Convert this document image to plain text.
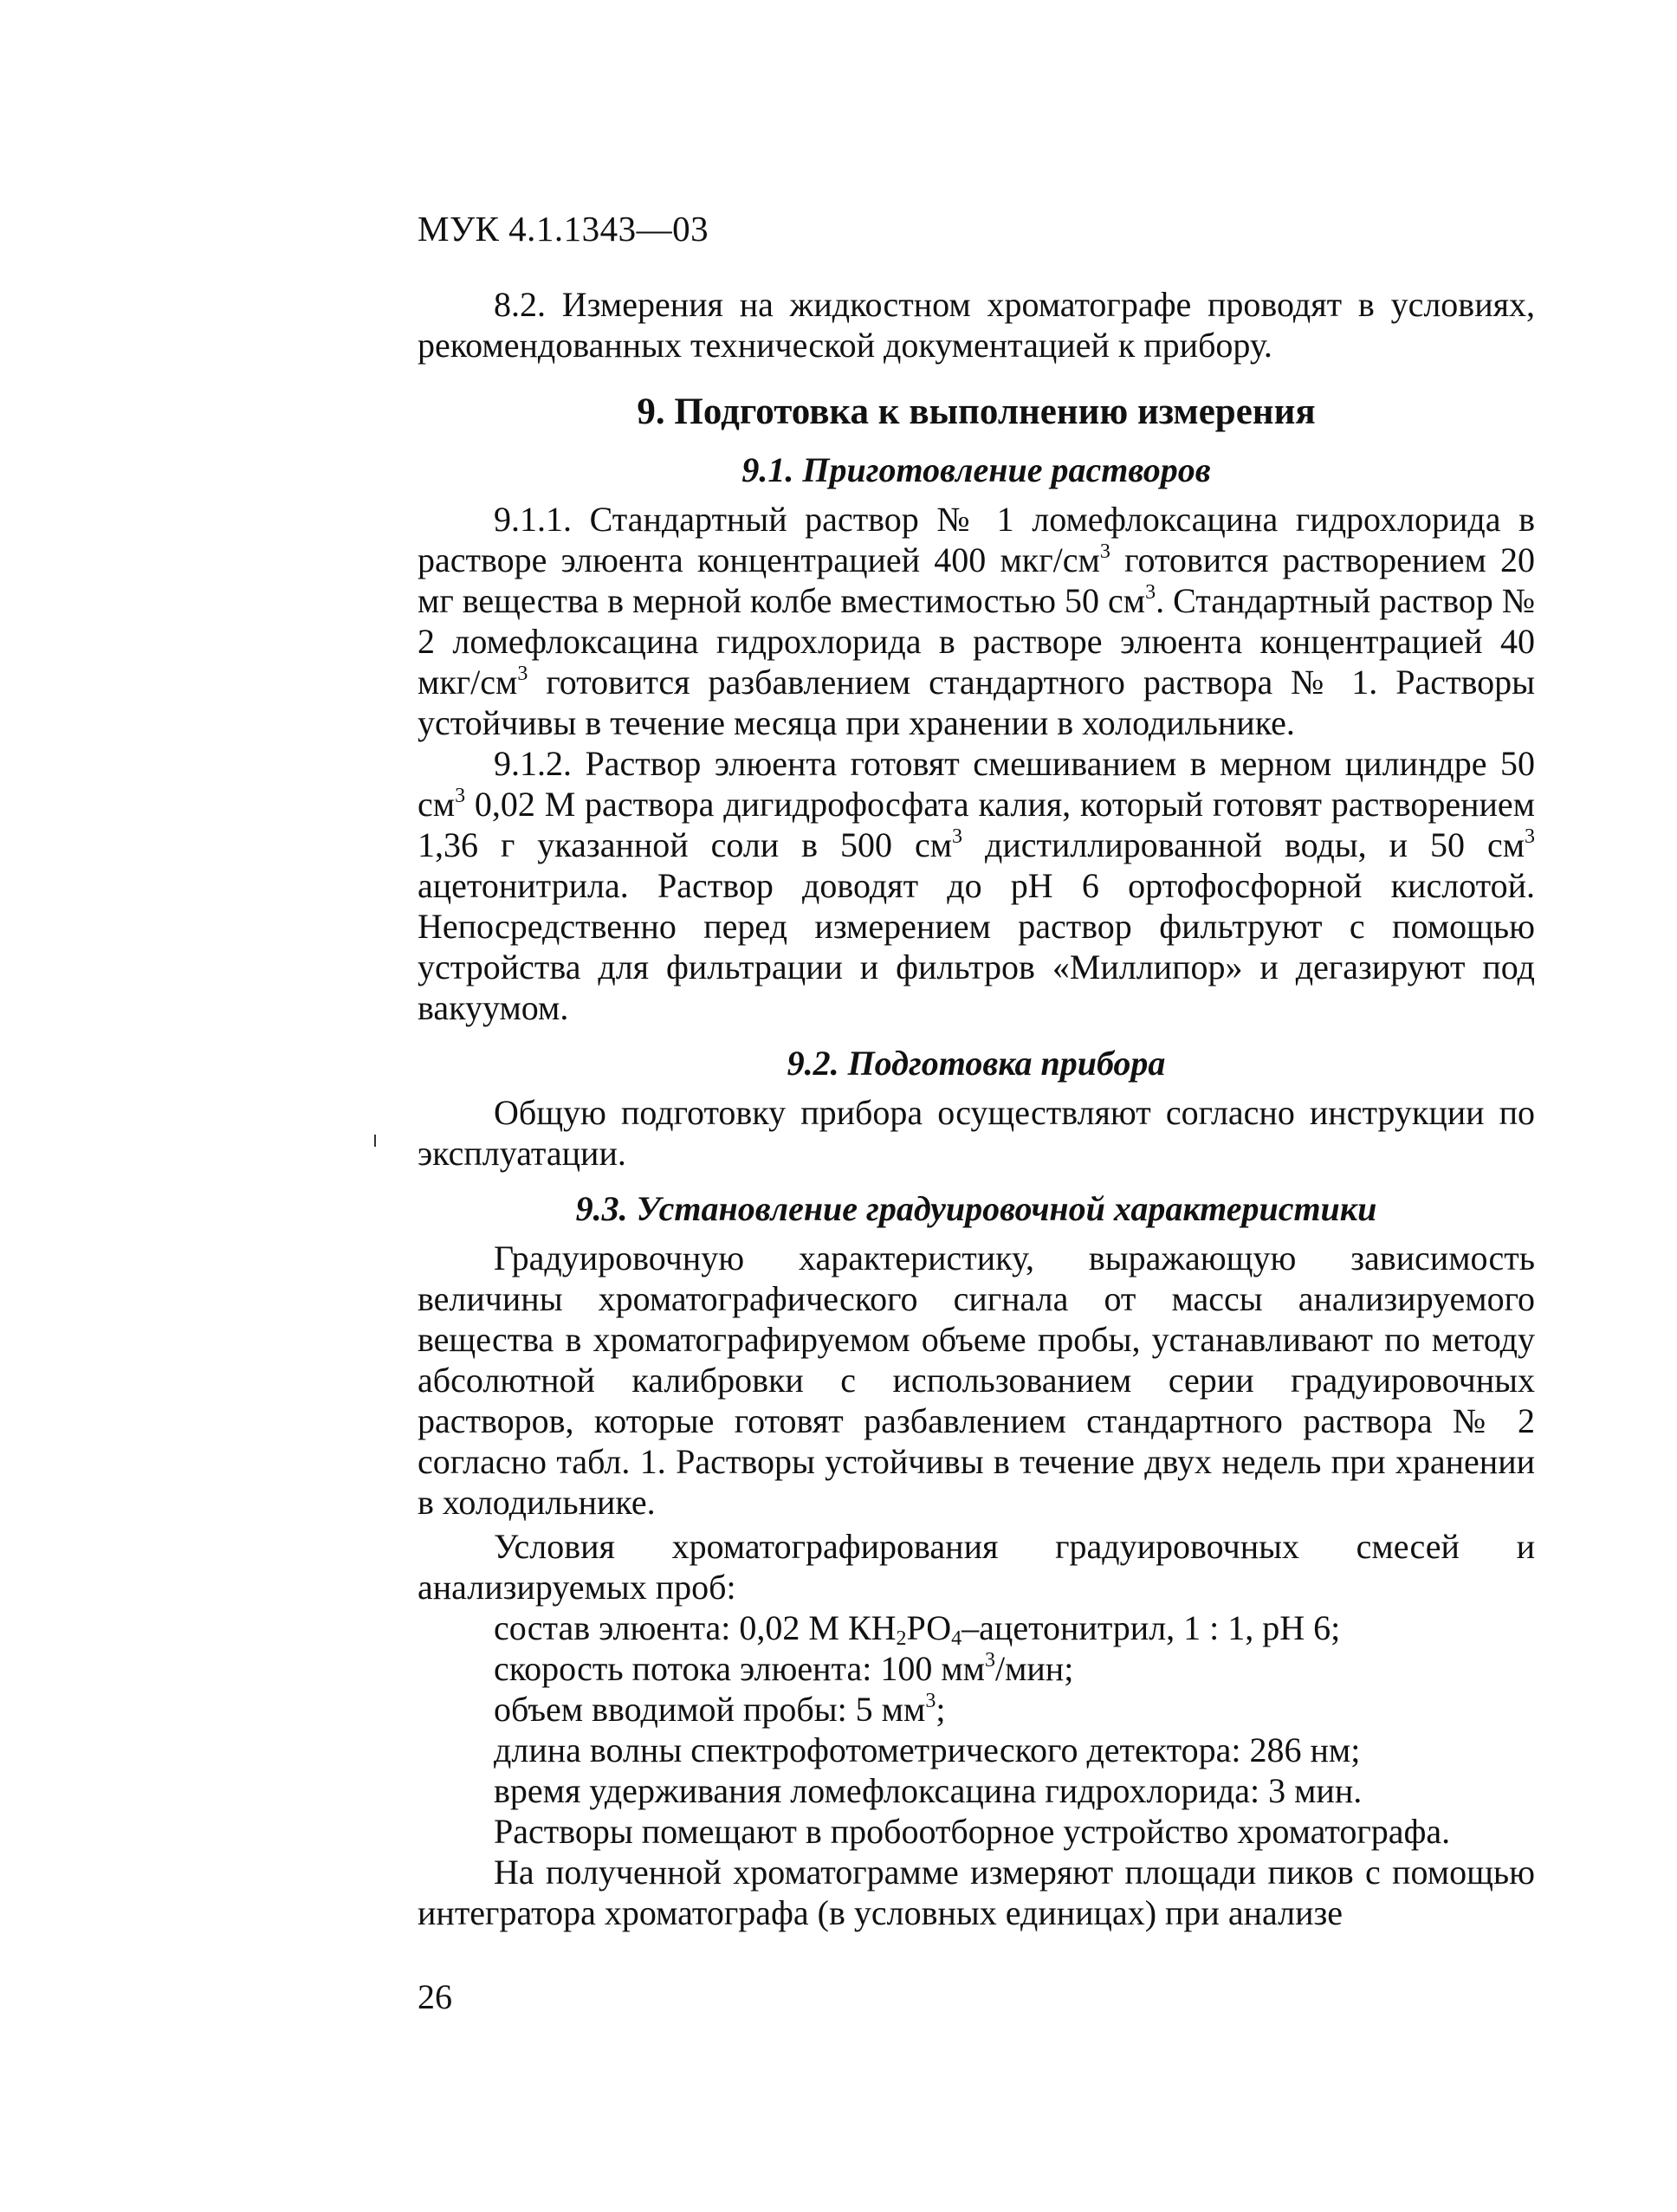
МУК 4.1.1343—03

8.2. Измерения на жидкостном хроматографе проводят в условиях, рекомендованных технической документацией к прибору.

9. Подготовка к выполнению измерения
9.1. Приготовление растворов

9.1.1. Стандартный раствор № 1 ломефлоксацина гидрохлорида в растворе элюента концентрацией 400 мкг/$см^3$ готовится растворением 20 мг вещества в мерной колбе вместимостью 50 $см^3$. Стандартный раствор № 2 ломефлоксацина гидрохлорида в растворе элюента концентрацией 40 мкг/$см^3$ готовится разбавлением стандартного раствора № 1. Растворы устойчивы в течение месяца при хранении в холодильнике.

9.1.2. Раствор элюента готовят смешиванием в мерном цилиндре 50 $см^3$ 0,02 М раствора дигидрофосфата калия, который готовят растворением 1,36 г указанной соли в 500 $см^3$ дистиллированной воды, и 50 $см^3$ ацетонитрила. Раствор доводят до рН 6 ортофосфорной кислотой. Непосредственно перед измерением раствор фильтруют с помощью устройства для фильтрации и фильтров «Миллипор» и дегазируют под вакуумом.

9.2. Подготовка прибора

Общую подготовку прибора осуществляют согласно инструкции по эксплуатации.

9.3. Установление градуировочной характеристики

Градуировочную характеристику, выражающую зависимость величины хроматографического сигнала от массы анализируемого вещества в хроматографируемом объеме пробы, устанавливают по методу абсолютной калибровки с использованием серии градуировочных растворов, которые готовят разбавлением стандартного раствора № 2 согласно табл. 1. Растворы устойчивы в течение двух недель при хранении в холодильнике.

Условия хроматографирования градуировочных смесей и анализируемых проб:

состав элюента: 0,02 М $КН_2РО_4$–ацетонитрил, 1 : 1, рН 6;
скорость потока элюента: 100 $мм^3$/мин;
объем вводимой пробы: 5 $мм^3$;
длина волны спектрофотометрического детектора: 286 нм;
время удерживания ломефлоксацина гидрохлорида: 3 мин.

Растворы помещают в пробоотборное устройство хроматографа.

На полученной хроматограмме измеряют площади пиков с помощью интегратора хроматографа (в условных единицах) при анализе

26
